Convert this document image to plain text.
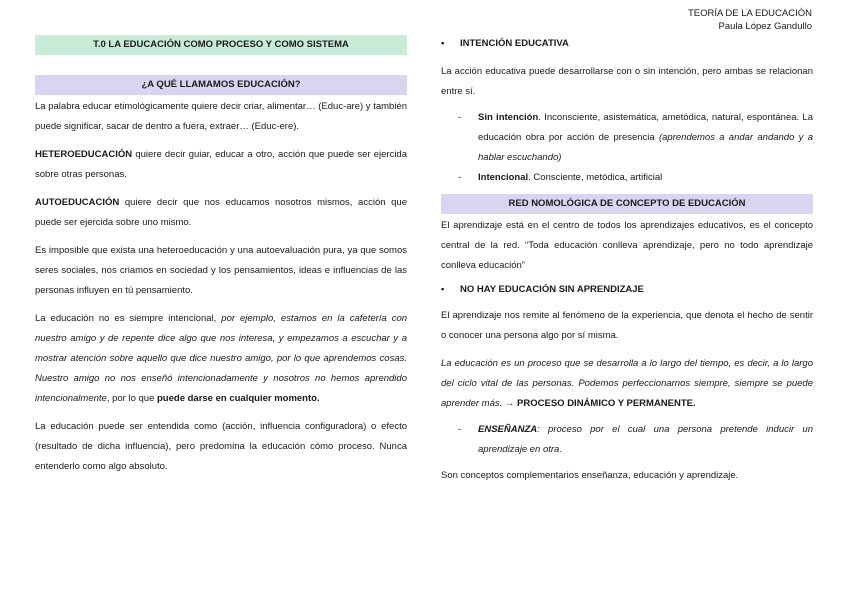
TEORÍA DE LA EDUCACIÓN
Paula López Gandullo
T.0 LA EDUCACIÓN COMO PROCESO Y COMO SISTEMA
¿A QUÉ LLAMAMOS EDUCACIÓN?

La palabra educar etimológicamente quiere decir criar, alimentar… (Educ-are) y también puede significar, sacar de dentro a fuera, extraer… (Educ-ere).

HETEROEDUCACIÓN quiere decir guiar, educar a otro, acción que puede ser ejercida sobre otras personas.

AUTOEDUCACIÓN quiere decir que nos educamos nosotros mismos, acción que puede ser ejercida sobre uno mismo.

Es imposible que exista una heteroeducación y una autoevaluación pura, ya que somos seres sociales, nos criamos en sociedad y los pensamientos, ideas e influencias de las personas influyen en tú pensamiento.

La educación no es siempre intencional, por ejemplo, estamos en la cafetería con nuestro amigo y de repente dice algo que nos interesa, y empezamos a escuchar y a mostrar atención sobre aquello que dice nuestro amigo, por lo que aprendemos cosas. Nuestro amigo no nos enseñó intencionadamente y nosotros no hemos aprendido intencionalmente, por lo que puede darse en cualquier momento.

La educación puede ser entendida como (acción, influencia configuradora) o efecto (resultado de dicha influencia), pero predomina la educación cómo proceso. Nunca entenderlo como algo absoluto.

•	INTENCIÓN EDUCATIVA

La acción educativa puede desarrollarse con o sin intención, pero ambas se relacionan entre sí.

-	Sin intención. Inconsciente, asistemática, ametódica, natural, espontánea. La educación obra por acción de presencia (aprendemos a andar andando y a hablar escuchando)
-	Intencional. Consciente, metódica, artificial
RED NOMOLÓGICA DE CONCEPTO DE EDUCACIÓN

El aprendizaje está en el centro de todos los aprendizajes educativos, es el concepto central de la red. “Toda educación conlleva aprendizaje, pero no todo aprendizaje conlleva educación”

•	NO HAY EDUCACIÓN SIN APRENDIZAJE

El aprendizaje nos remite al fenómeno de la experiencia, que denota el hecho de sentir o conocer una persona algo por sí misma.

La educación es un proceso que se desarrolla a lo largo del tiempo, es decir, a lo largo del ciclo vital de las personas. Podemos perfeccionarnos siempre, siempre se puede aprender más. → PROCESO DINÁMICO Y PERMANENTE.

-	ENSEÑANZA: proceso por el cual una persona pretende inducir un aprendizaje en otra.

Son conceptos complementarios enseñanza, educación y aprendizaje.
